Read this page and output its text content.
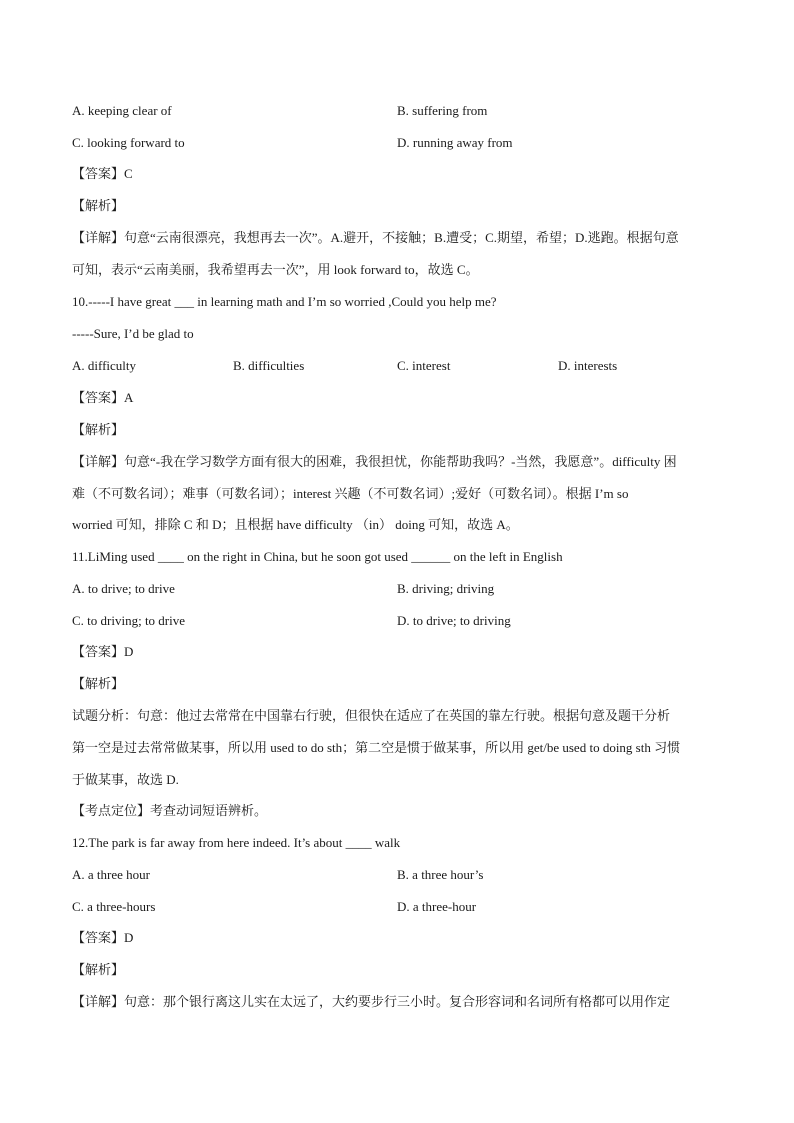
A. keeping clear of	B. suffering from
C. looking forward to	D. running away from
【答案】C
【解析】
【详解】句意“云南很漂亮，我想再去一次”。A.避开，不接触；B.遭受；C.期望，希望；D.逃跑。根据句意
可知，表示“云南美丽，我希望再去一次”，用 look forward to，故选 C。
10.-----I have great ___ in learning math and I’m so worried ,Could you help me?
-----Sure, I’d be glad to
A. difficulty	B. difficulties	C. interest	D. interests
【答案】A
【解析】
【详解】句意“-我在学习数学方面有很大的困难，我很担忧，你能帮助我吗？-当然，我愿意”。difficulty 困
难（不可数名词）；难事（可数名词）；interest 兴趣（不可数名词）;爱好（可数名词）。根据 I’m so
worried 可知，排除 C 和 D；且根据 have difficulty （in） doing 可知，故选 A。
11.LiMing used ____ on the right in China, but he soon got used ______ on the left in English
A. to drive; to drive	B. driving; driving
C. to driving; to drive	D. to drive; to driving
【答案】D
【解析】
试题分析：句意：他过去常常在中国靠右行驶，但很快在适应了在英国的靠左行驶。根据句意及题干分析
第一空是过去常常做某事，所以用 used to do sth；第二空是惯于做某事，所以用 get/be used to doing sth 习惯
于做某事，故选 D.
【考点定位】考查动词短语辨析。
12.The park is far away from here indeed. It’s about ____ walk
A. a three hour	B. a three hour’s
C. a three-hours	D. a three-hour
【答案】D
【解析】
【详解】句意：那个银行离这儿实在太远了，大约要步行三小时。复合形容词和名词所有格都可以用作定
